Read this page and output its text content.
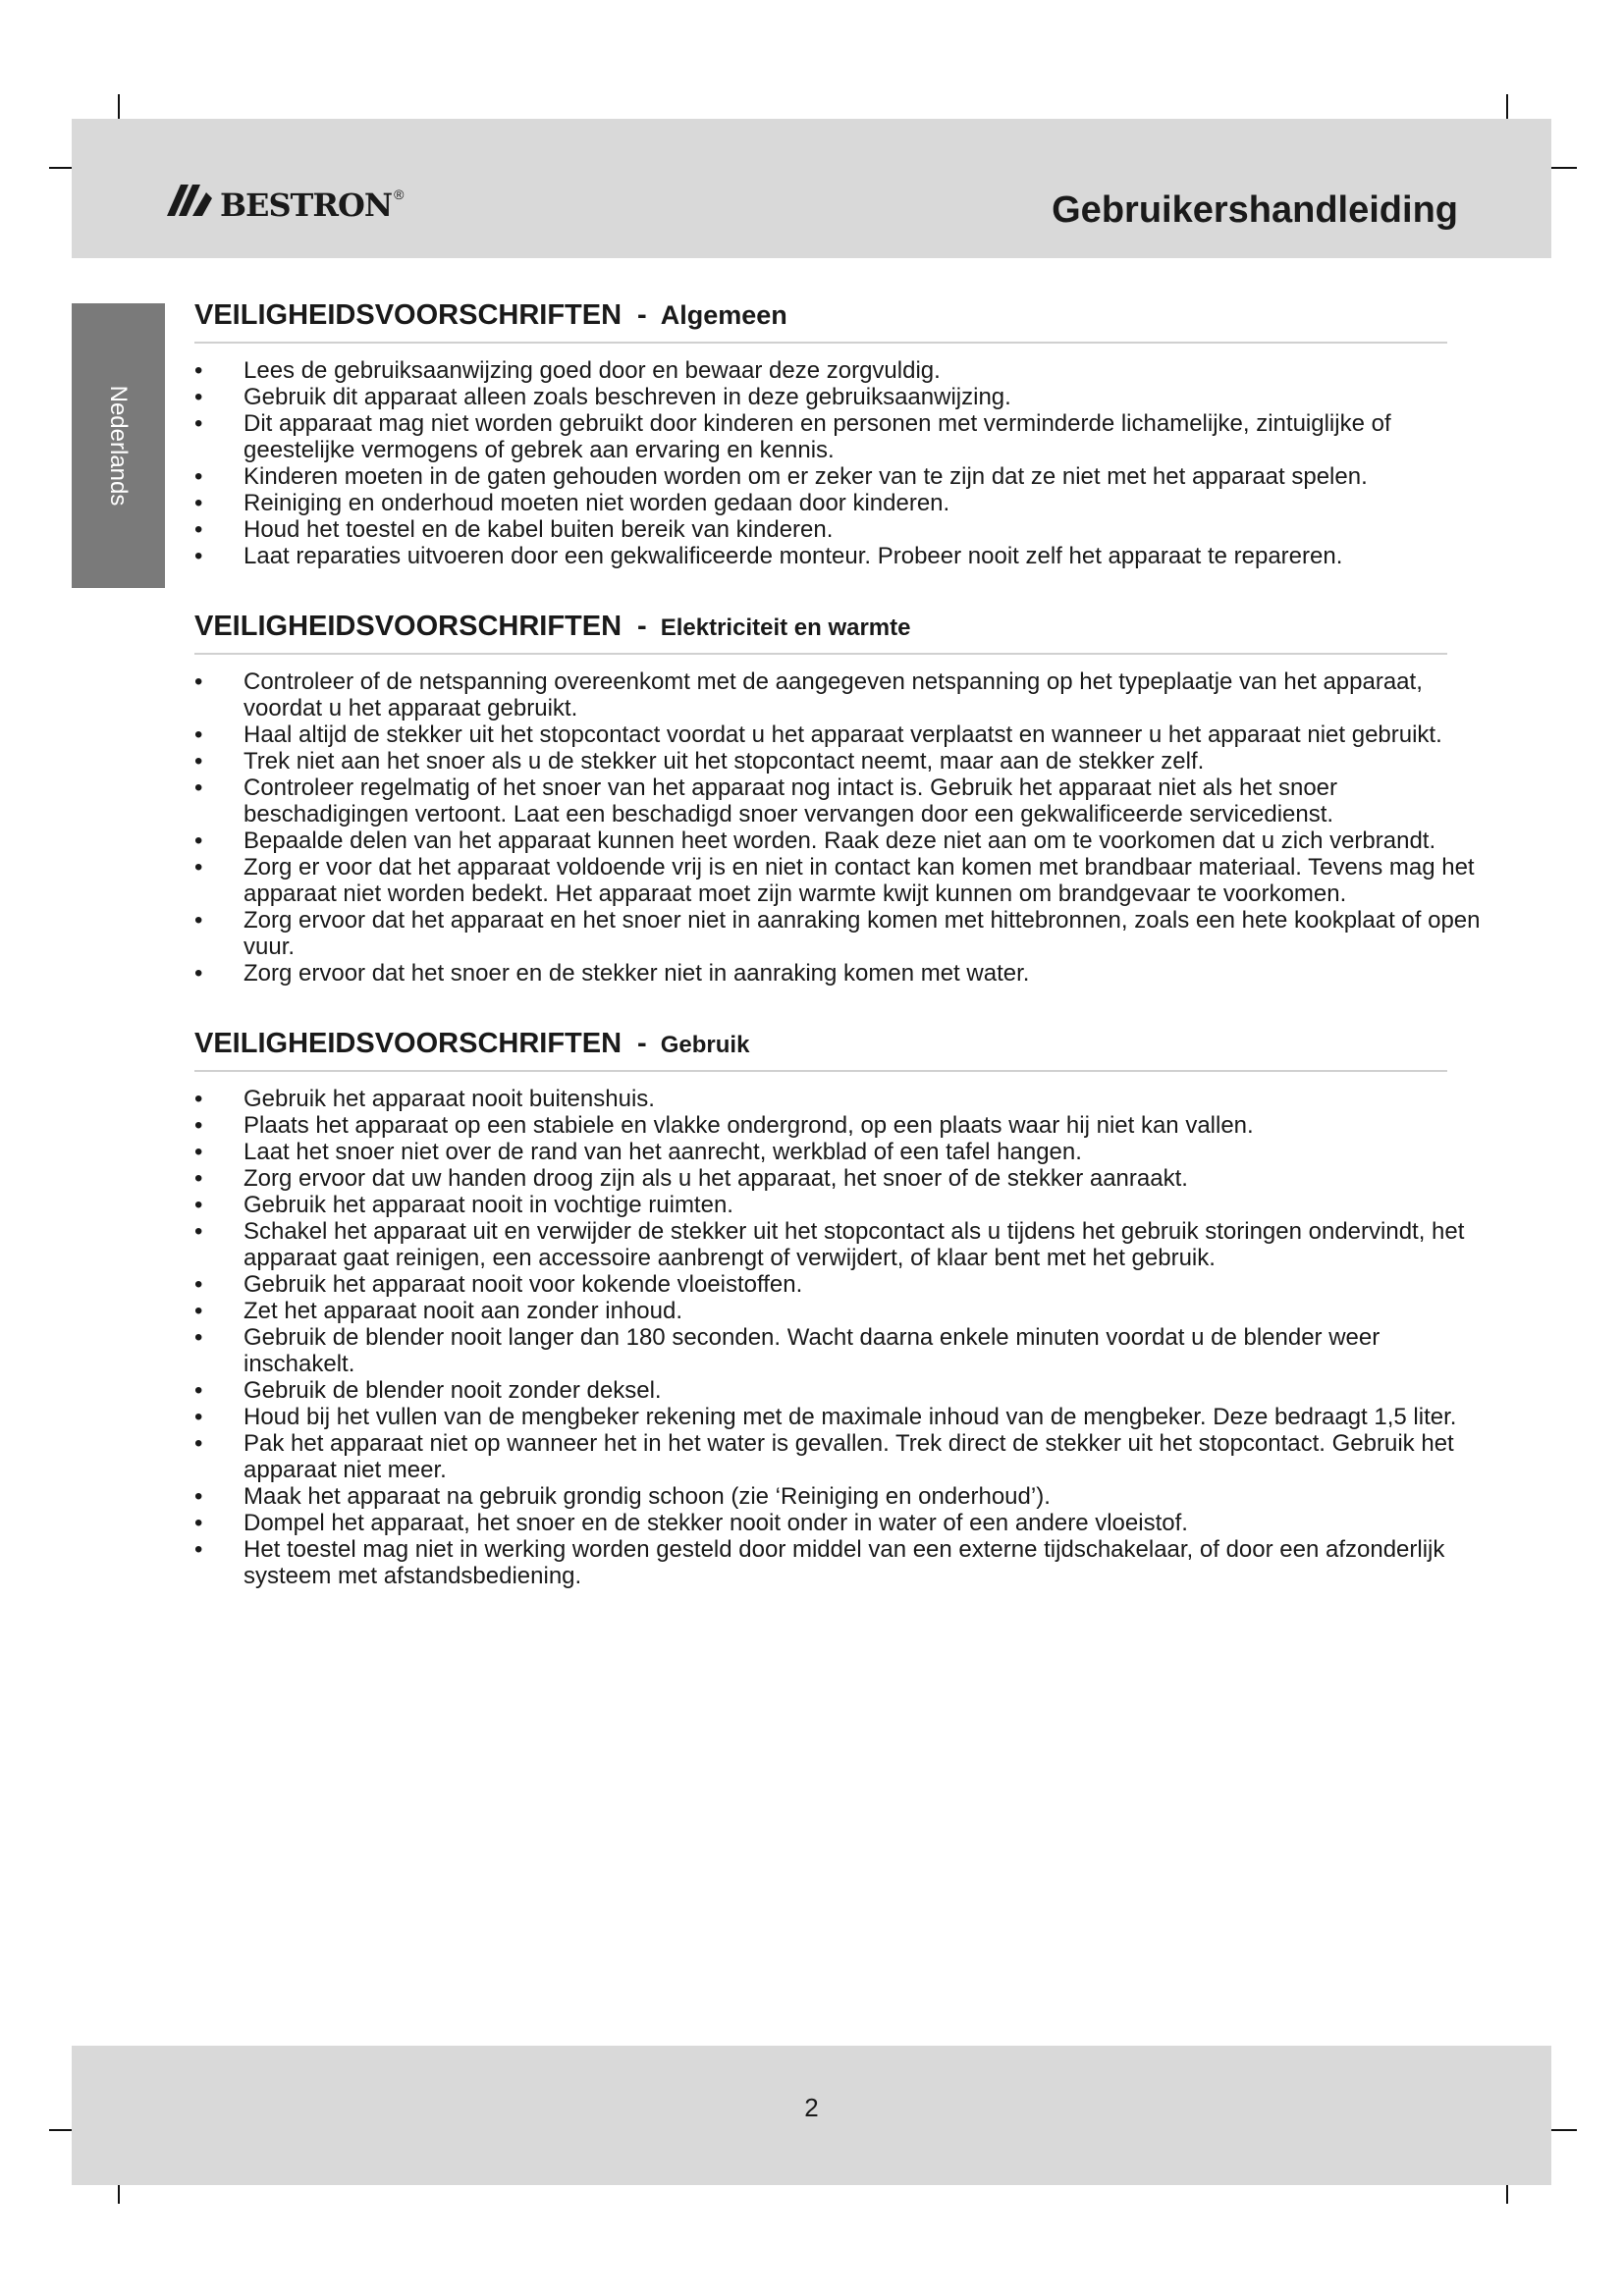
bestron ®	Gebruikershandleiding
Nederlands
VEILIGHEIDSVOORSCHRIFTEN - Algemeen
• Lees de gebruiksaanwijzing goed door en bewaar deze zorgvuldig.
• Gebruik dit apparaat alleen zoals beschreven in deze gebruiksaanwijzing.
• Dit apparaat mag niet worden gebruikt door kinderen en personen met verminderde lichamelijke, zintuiglijke of geestelijke vermogens of gebrek aan ervaring en kennis.
• Kinderen moeten in de gaten gehouden worden om er zeker van te zijn dat ze niet met het apparaat spelen.
• Reiniging en onderhoud moeten niet worden gedaan door kinderen.
• Houd het toestel en de kabel buiten bereik van kinderen.
• Laat reparaties uitvoeren door een gekwalificeerde monteur. Probeer nooit zelf het apparaat te repareren.
VEILIGHEIDSVOORSCHRIFTEN - Elektriciteit en warmte
• Controleer of de netspanning overeenkomt met de aangegeven netspanning op het typeplaatje van het apparaat, voordat u het apparaat gebruikt.
• Haal altijd de stekker uit het stopcontact voordat u het apparaat verplaatst en wanneer u het apparaat niet gebruikt.
• Trek niet aan het snoer als u de stekker uit het stopcontact neemt, maar aan de stekker zelf.
• Controleer regelmatig of het snoer van het apparaat nog intact is. Gebruik het apparaat niet als het snoer beschadigingen vertoont. Laat een beschadigd snoer vervangen door een gekwalificeerde servicedienst.
• Bepaalde delen van het apparaat kunnen heet worden. Raak deze niet aan om te voorkomen dat u zich verbrandt.
• Zorg er voor dat het apparaat voldoende vrij is en niet in contact kan komen met brandbaar materiaal. Tevens mag het apparaat niet worden bedekt. Het apparaat moet zijn warmte kwijt kunnen om brandgevaar te voorkomen.
• Zorg ervoor dat het apparaat en het snoer niet in aanraking komen met hittebronnen, zoals een hete kookplaat of open vuur.
• Zorg ervoor dat het snoer en de stekker niet in aanraking komen met water.
VEILIGHEIDSVOORSCHRIFTEN - Gebruik
• Gebruik het apparaat nooit buitenshuis.
• Plaats het apparaat op een stabiele en vlakke ondergrond, op een plaats waar hij niet kan vallen.
• Laat het snoer niet over de rand van het aanrecht, werkblad of een tafel hangen.
• Zorg ervoor dat uw handen droog zijn als u het apparaat, het snoer of de stekker aanraakt.
• Gebruik het apparaat nooit in vochtige ruimten.
• Schakel het apparaat uit en verwijder de stekker uit het stopcontact als u tijdens het gebruik storingen ondervindt, het apparaat gaat reinigen, een accessoire aanbrengt of verwijdert, of klaar bent met het gebruik.
• Gebruik het apparaat nooit voor kokende vloeistoffen.
• Zet het apparaat nooit aan zonder inhoud.
• Gebruik de blender nooit langer dan 180 seconden. Wacht daarna enkele minuten voordat u de blender weer inschakelt.
• Gebruik de blender nooit zonder deksel.
• Houd bij het vullen van de mengbeker rekening met de maximale inhoud van de mengbeker. Deze bedraagt 1,5 liter.
• Pak het apparaat niet op wanneer het in het water is gevallen. Trek direct de stekker uit het stopcontact. Gebruik het apparaat niet meer.
• Maak het apparaat na gebruik grondig schoon (zie ‘Reiniging en onderhoud’).
• Dompel het apparaat, het snoer en de stekker nooit onder in water of een andere vloeistof.
• Het toestel mag niet in werking worden gesteld door middel van een externe tijdschakelaar, of door een afzonderlijk systeem met afstandsbediening.
2
